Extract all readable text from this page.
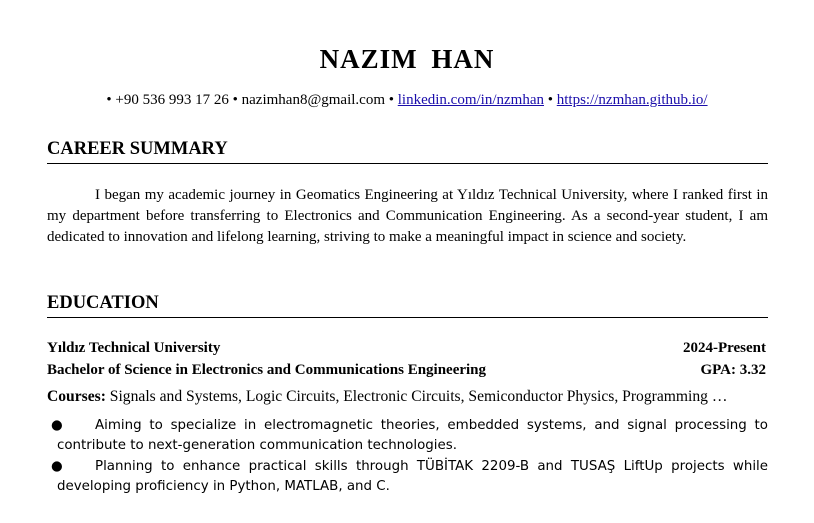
NAZIM HAN
• +90 536 993 17 26 • nazimhan8@gmail.com • linkedin.com/in/nzmhan • https://nzmhan.github.io/
CAREER SUMMARY

I began my academic journey in Geomatics Engineering at Yıldız Technical University, where I ranked first in my department before transferring to Electronics and Communication Engineering. As a second-year student, I am dedicated to innovation and lifelong learning, striving to make a meaningful impact in science and society.

EDUCATION
Yıldız Technical University	2024-Present
Bachelor of Science in Electronics and Communications Engineering	GPA: 3.32
Courses: Signals and Systems, Logic Circuits, Electronic Circuits, Semiconductor Physics, Programming …
● Aiming to specialize in electromagnetic theories, embedded systems, and signal processing to contribute to next-generation communication technologies.
● Planning to enhance practical skills through TÜBİTAK 2209-B and TUSAŞ LiftUp projects while developing proficiency in Python, MATLAB, and C.
